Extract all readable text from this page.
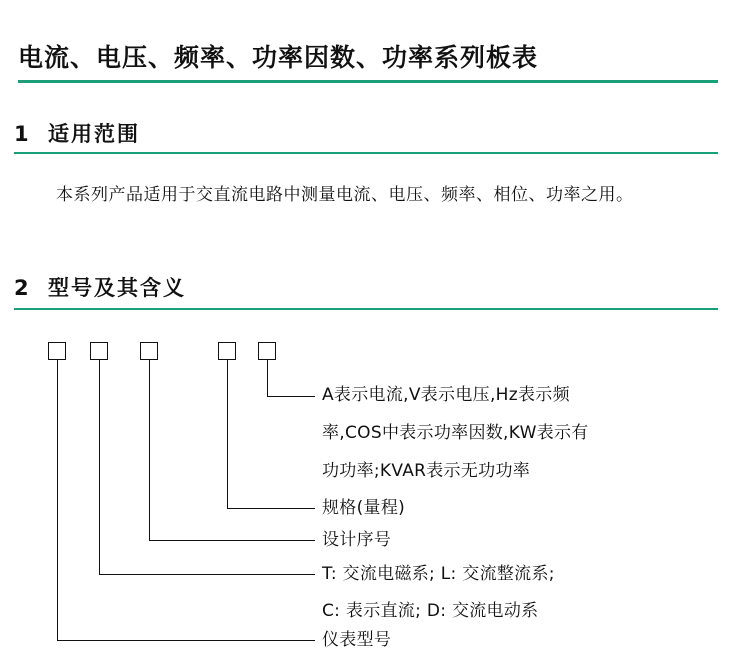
电流、电压、频率、功率因数、功率系列板表
1 适用范围
本系列产品适用于交直流电路中测量电流、电压、频率、相位、功率之用。
2 型号及其含义
A表示电流,V表示电压,Hz表示频
率,COS中表示功率因数,KW表示有
功功率;KVAR表示无功功率
规格(量程)
设计序号
T: 交流电磁系; L: 交流整流系;
C: 表示直流; D: 交流电动系
仪表型号
